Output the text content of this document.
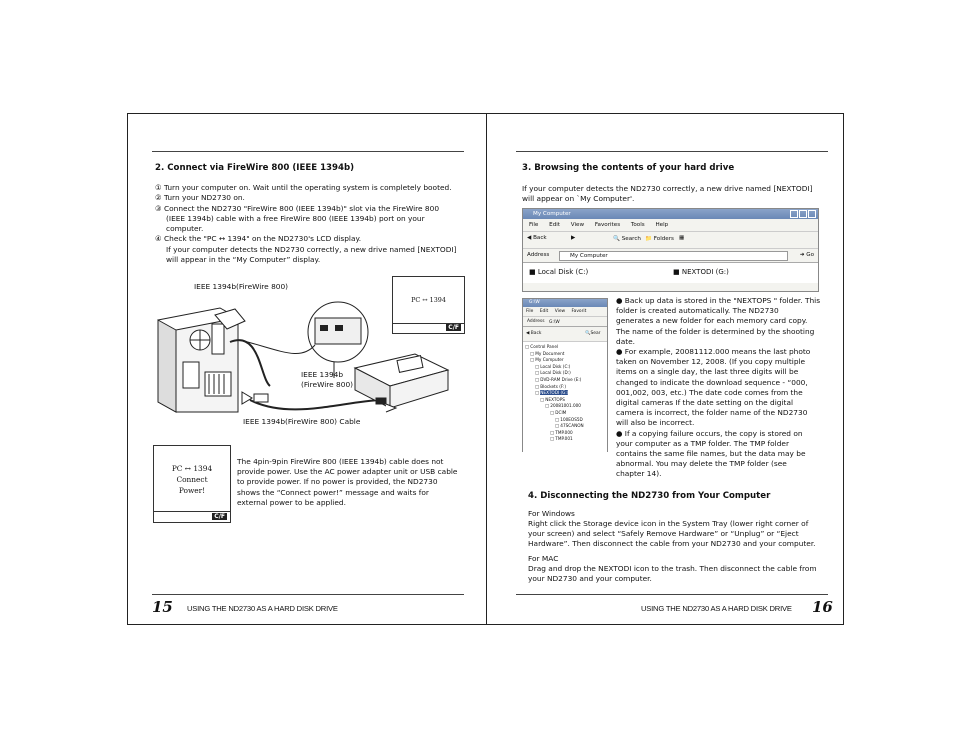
2. Connect via FireWire 800 (IEEE 1394b)
① Turn your computer on. Wait until the operating system is completely booted.
② Turn your ND2730 on.
③ Connect the ND2730 "FireWire 800 (IEEE 1394b)" slot via the FireWire 800
(IEEE 1394b) cable with a free FireWire 800 (IEEE 1394b) port on your
computer.
④ Check the "PC ↔ 1394" on the ND2730's LCD display.
If your computer detects the ND2730 correctly, a new drive named [NEXTODI]
will appear in the “My Computer” display.
IEEE 1394b(FireWire 800)
IEEE 1394b
(FireWire 800)
IEEE 1394b(FireWire 800) Cable
PC ↔ 1394
C/F
PC ↔ 1394
Connect
Power!
C/F
The 4pin-9pin FireWire 800 (IEEE 1394b) cable does not
provide power. Use the AC power adapter unit or USB cable
to provide power. If no power is provided, the ND2730
shows the “Connect power!” message and waits for
external power to be applied.
15 USING THE ND2730 AS A HARD DISK DRIVE
3. Browsing the contents of your hard drive
If your computer detects the ND2730 correctly, a new drive named [NEXTODI]
will appear on `My Computer'.
My Computer
File Edit View Favorites Tools Help
◀ Back	▶	🔍 Search 📁 Folders ▦
Address	My Computer	➜ Go
■ Local Disk (C:)	■ NEXTODI (G:)
G:\W
File Edit View Favorit
Address G:\W
◀ Back	🔍Sear
□ Control Panel
□ My Document
□ My Computer
□ Local Disk (C:)
□ Local Disk (D:)
□ DVD-RAM Drive (E:)
□ Blockets (F:)
□ NEXTODI (G:)
□ NEXTOPS
□ 20081001.000
□ DCIM
□ 100EOS5D
□ 47SCANON
□ TMP.000
□ TMP.001
● Back up data is stored in the "NEXTOPS " folder. This
folder is created automatically. The ND2730
generates a new folder for each memory card copy.
The name of the folder is determined by the shooting
date.
● For example, 20081112.000 means the last photo
taken on November 12, 2008. (If you copy multiple
items on a single day, the last three digits will be
changed to indicate the download sequence - “000,
001,002, 003, etc.) The date code comes from the
digital cameras If the date setting on the digital
camera is incorrect, the folder name of the ND2730
will also be incorrect.
● If a copying failure occurs, the copy is stored on
your computer as a TMP folder. The TMP folder
contains the same file names, but the data may be
abnormal. You may delete the TMP folder (see
chapter 14).
4. Disconnecting the ND2730 from Your Computer
For Windows
Right click the Storage device icon in the System Tray (lower right corner of
your screen) and select “Safely Remove Hardware” or “Unplug” or “Eject
Hardware”. Then disconnect the cable from your ND2730 and your computer.
For MAC
Drag and drop the NEXTODI icon to the trash. Then disconnect the cable from
your ND2730 and your computer.
USING THE ND2730 AS A HARD DISK DRIVE 16
